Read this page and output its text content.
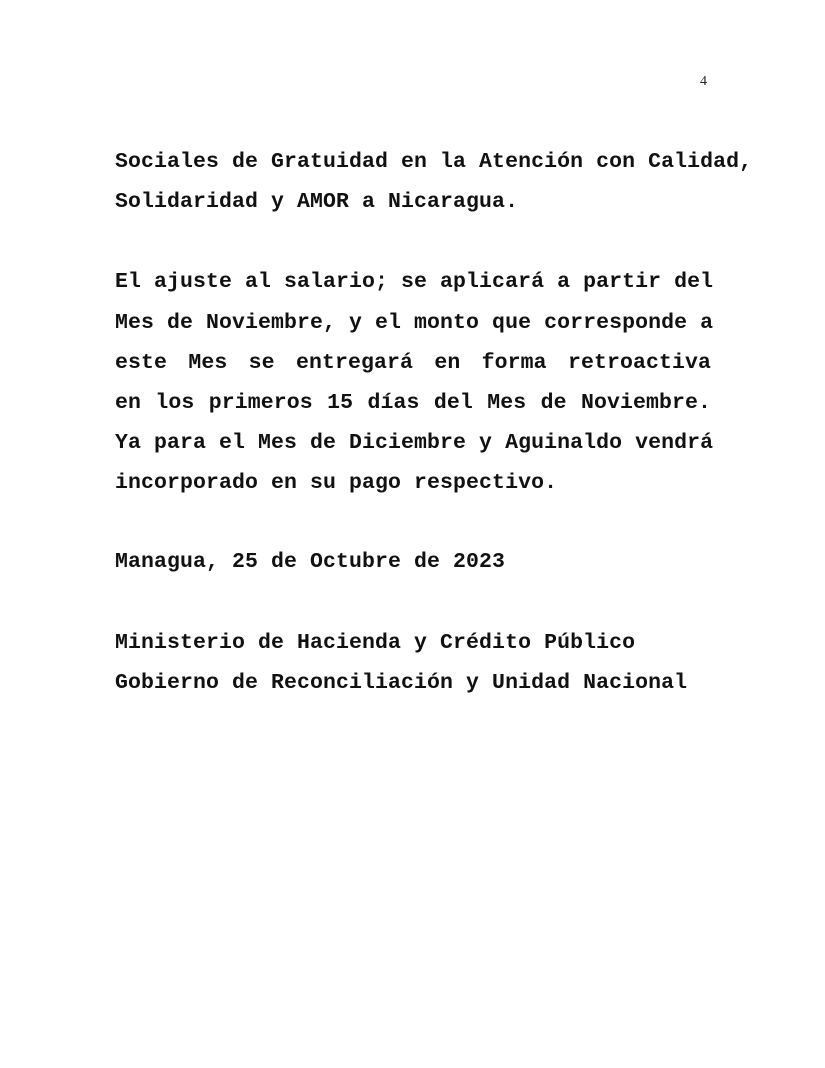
4
Sociales de Gratuidad en la Atención con Calidad,
Solidaridad y AMOR a Nicaragua.
El ajuste al salario; se aplicará a partir del
Mes de Noviembre, y el monto que corresponde a
este Mes se entregará en forma retroactiva
en los primeros 15 días del Mes de Noviembre.
Ya para el Mes de Diciembre y Aguinaldo vendrá
incorporado en su pago respectivo.
Managua, 25 de Octubre de 2023
Ministerio de Hacienda y Crédito Público
Gobierno de Reconciliación y Unidad Nacional
